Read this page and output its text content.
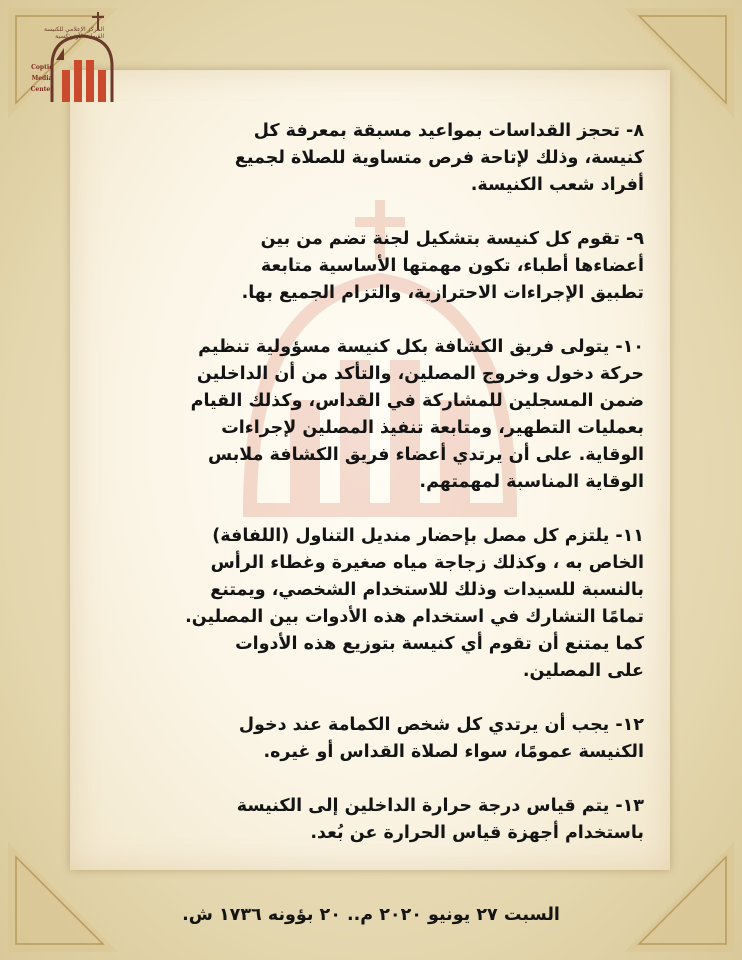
المركز الإعلامي للكنيسة القبطية الأرثوذكسية
Coptic
Media
Center

٨- تحجز القداسات بمواعيد مسبقة بمعرفة كل
كنيسة، وذلك لإتاحة فرص متساوية للصلاة لجميع
أفراد شعب الكنيسة.

٩- تقوم كل كنيسة بتشكيل لجنة تضم من بين
أعضاءها أطباء، تكون مهمتها الأساسية متابعة
تطبيق الإجراءات الاحترازية، والتزام الجميع بها.

١٠- يتولى فريق الكشافة بكل كنيسة مسؤولية تنظيم
حركة دخول وخروج المصلين، والتأكد من أن الداخلين
ضمن المسجلين للمشاركة في القداس، وكذلك القيام
بعمليات التطهير، ومتابعة تنفيذ المصلين لإجراءات
الوقاية. على أن يرتدي أعضاء فريق الكشافة ملابس
الوقاية المناسبة لمهمتهم.

١١- يلتزم كل مصل بإحضار منديل التناول (اللفافة)
الخاص به ، وكذلك زجاجة مياه صغيرة وغطاء الرأس
بالنسبة للسيدات وذلك للاستخدام الشخصي، ويمتنع
تمامًا التشارك في استخدام هذه الأدوات بين المصلين.
كما يمتنع أن تقوم أي كنيسة بتوزيع هذه الأدوات
على المصلين.

١٢- يجب أن يرتدي كل شخص الكمامة عند دخول
الكنيسة عمومًا، سواء لصلاة القداس أو غيره.

١٣- يتم قياس درجة حرارة الداخلين إلى الكنيسة
باستخدام أجهزة قياس الحرارة عن بُعد.

السبت ٢٧ يونيو ٢٠٢٠ م.. ٢٠ بؤونه ١٧٣٦ ش.
